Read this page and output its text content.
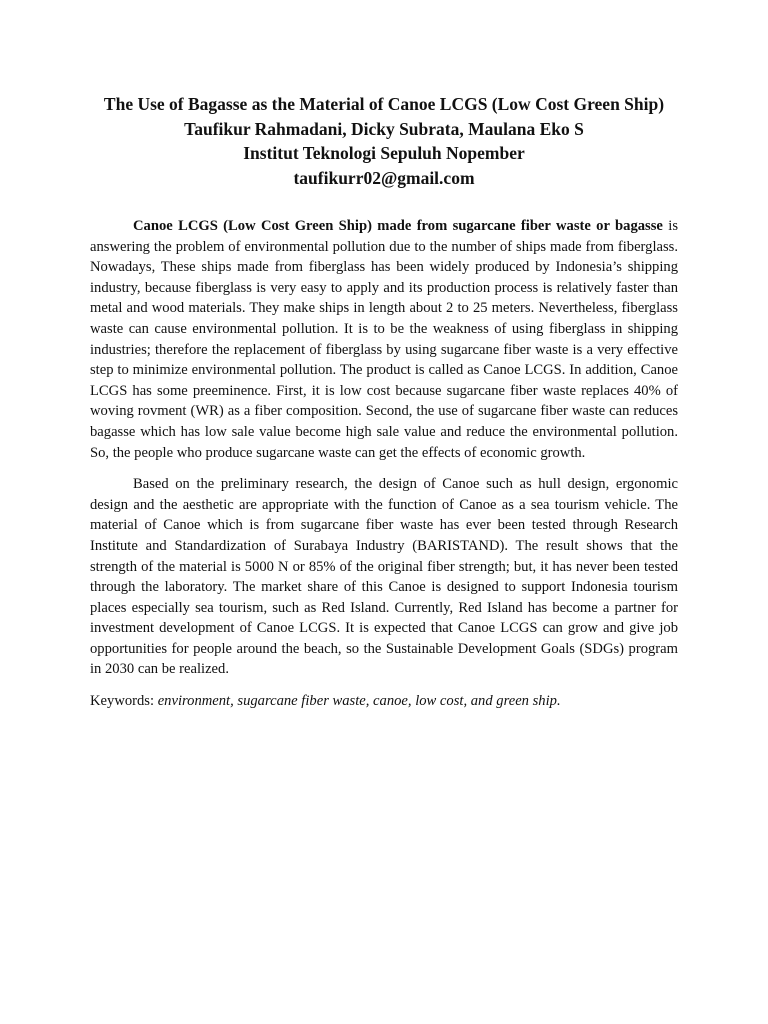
The Use of Bagasse as the Material of Canoe LCGS (Low Cost Green Ship)
Taufikur Rahmadani, Dicky Subrata, Maulana Eko S
Institut Teknologi Sepuluh Nopember
taufikurr02@gmail.com

Canoe LCGS (Low Cost Green Ship) made from sugarcane fiber waste or bagasse is answering the problem of environmental pollution due to the number of ships made from fiberglass. Nowadays, These ships made from fiberglass has been widely produced by Indonesia’s shipping industry, because fiberglass is very easy to apply and its production process is relatively faster than metal and wood materials. They make ships in length about 2 to 25 meters. Nevertheless, fiberglass waste can cause environmental pollution. It is to be the weakness of using fiberglass in shipping industries; therefore the replacement of fiberglass by using sugarcane fiber waste is a very effective step to minimize environmental pollution. The product is called as Canoe LCGS. In addition, Canoe LCGS has some preeminence. First, it is low cost because sugarcane fiber waste replaces 40% of woving rovment (WR) as a fiber composition. Second, the use of sugarcane fiber waste can reduces bagasse which has low sale value become high sale value and reduce the environmental pollution. So, the people who produce sugarcane waste can get the effects of economic growth.

Based on the preliminary research, the design of Canoe such as hull design, ergonomic design and the aesthetic are appropriate with the function of Canoe as a sea tourism vehicle. The material of Canoe which is from sugarcane fiber waste has ever been tested through Research Institute and Standardization of Surabaya Industry (BARISTAND). The result shows that the strength of the material is 5000 N or 85% of the original fiber strength; but, it has never been tested through the laboratory. The market share of this Canoe is designed to support Indonesia tourism places especially sea tourism, such as Red Island. Currently, Red Island has become a partner for investment development of Canoe LCGS. It is expected that Canoe LCGS can grow and give job opportunities for people around the beach, so the Sustainable Development Goals (SDGs) program in 2030 can be realized.

Keywords: environment, sugarcane fiber waste, canoe, low cost, and green ship.
